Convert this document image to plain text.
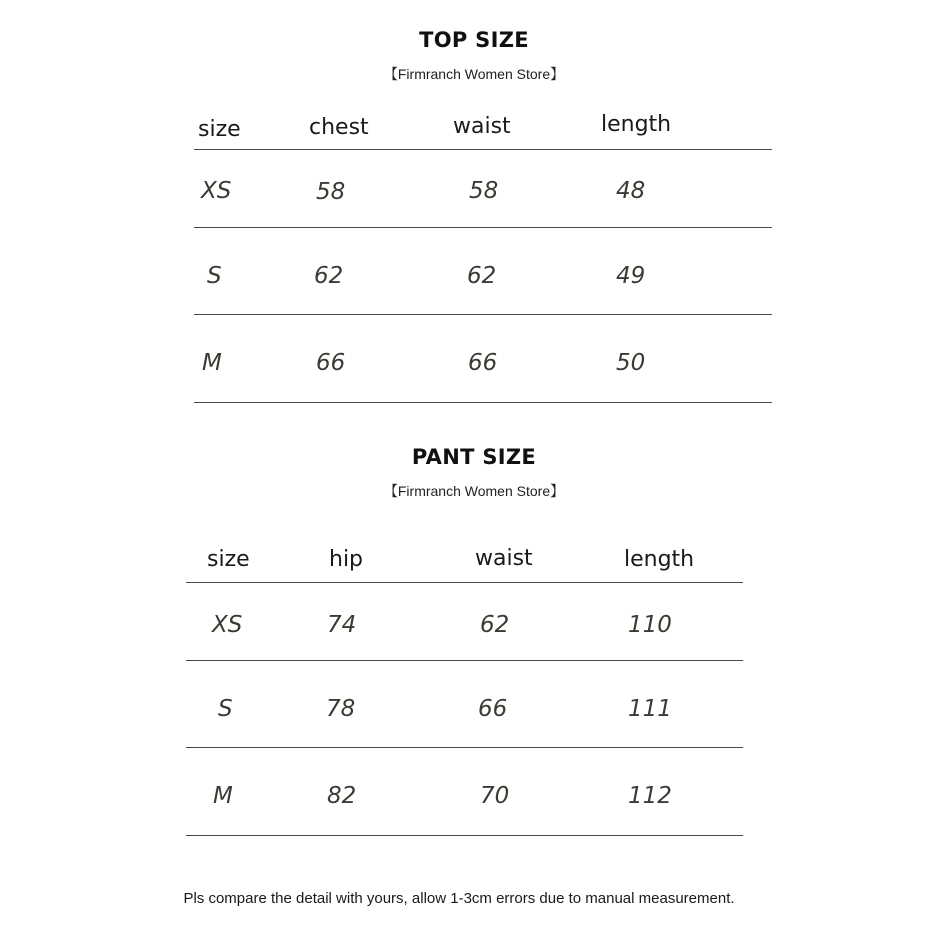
TOP SIZE
【Firmranch Women Store】
size	chest	waist	length
XS	58	58	48
S	62	62	49
M	66	66	50
PANT SIZE
【Firmranch Women Store】
size	hip	waist	length
XS	74	62	110
S	78	66	111
M	82	70	112
Pls compare the detail with yours, allow 1-3cm errors due to manual measurement.
